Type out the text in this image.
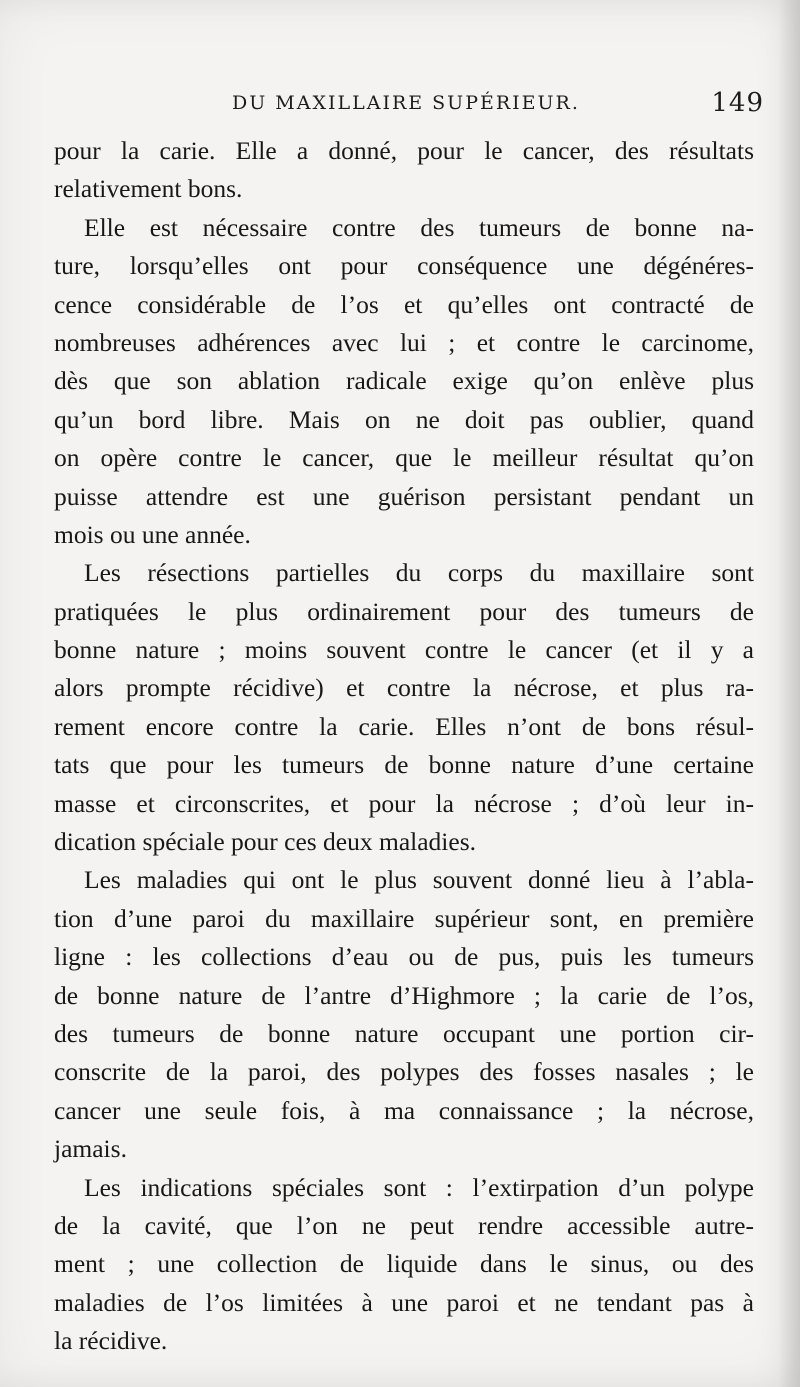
DU MAXILLAIRE SUPÉRIEUR.	149
pour la carie. Elle a donné, pour le cancer, des résultats
relativement bons.
Elle est nécessaire contre des tumeurs de bonne na-
ture, lorsqu’elles ont pour conséquence une dégénéres-
cence considérable de l’os et qu’elles ont contracté de
nombreuses adhérences avec lui ; et contre le carcinome,
dès que son ablation radicale exige qu’on enlève plus
qu’un bord libre. Mais on ne doit pas oublier, quand
on opère contre le cancer, que le meilleur résultat qu’on
puisse attendre est une guérison persistant pendant un
mois ou une année.
Les résections partielles du corps du maxillaire sont
pratiquées le plus ordinairement pour des tumeurs de
bonne nature ; moins souvent contre le cancer (et il y a
alors prompte récidive) et contre la nécrose, et plus ra-
rement encore contre la carie. Elles n’ont de bons résul-
tats que pour les tumeurs de bonne nature d’une certaine
masse et circonscrites, et pour la nécrose ; d’où leur in-
dication spéciale pour ces deux maladies.
Les maladies qui ont le plus souvent donné lieu à l’abla-
tion d’une paroi du maxillaire supérieur sont, en première
ligne : les collections d’eau ou de pus, puis les tumeurs
de bonne nature de l’antre d’Highmore ; la carie de l’os,
des tumeurs de bonne nature occupant une portion cir-
conscrite de la paroi, des polypes des fosses nasales ; le
cancer une seule fois, à ma connaissance ; la nécrose,
jamais.
Les indications spéciales sont : l’extirpation d’un polype
de la cavité, que l’on ne peut rendre accessible autre-
ment ; une collection de liquide dans le sinus, ou des
maladies de l’os limitées à une paroi et ne tendant pas à
la récidive.
